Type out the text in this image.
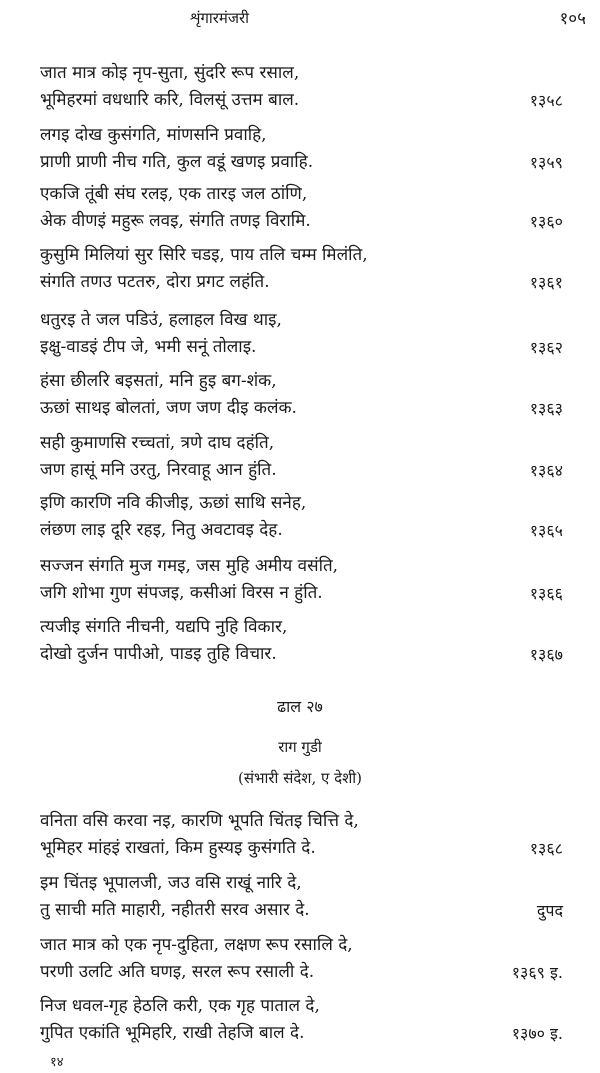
शृंगारमंजरी	१०५
जात मात्र कोइ नृप-सुता, सुंदरि रूप रसाल,
भूमिहरमां वधधारि करि, विलसूं उत्तम बाल.	१३५८
लगइ दोख कुसंगति, मांणसनि प्रवाहि,
प्राणी प्राणी नीच गति, कुल वडूं खणइ प्रवाहि.	१३५९
एकजि तूंबी संघ रलइ, एक तारइ जल ठांणि,
अेक वीणइं महुरू लवइ, संगति तणइ विरामि.	१३६०
कुसुमि मिलियां सुर सिरि चडइ, पाय तलि चम्म मिलंति,
संगति तणउ पटतरु, दोरा प्रगट लहंति.	१३६१
धतुरइ ते जल पडिउं, हलाहल विख थाइ,
इक्षु-वाडइं टीप जे, भमी सनूं तोलाइ.	१३६२
हंसा छीलरि बइसतां, मनि हुइ बग-शंक,
ऊछां साथइ बोलतां, जण जण दीइ कलंक.	१३६३
सही कुमाणसि रच्चतां, त्रणे दाघ दहंति,
जण हासूं मनि उरतु, निरवाहू आन हुंति.	१३६४
इणि कारणि नवि कीजीइ, ऊछां साथि सनेह,
लंछण लाइ दूरि रहइ, नितु अवटावइ देह.	१३६५
सज्जन संगति मुज गमइ, जस मुहि अमीय वसंति,
जगि शोभा गुण संपजइ, कसीआं विरस न हुंति.	१३६६
त्यजीइ संगति नीचनी, यद्यपि नुहि विकार,
दोखो दुर्जन पापीओ, पाडइ तुहि विचार.	१३६७
ढाल २७
राग गुडी
(संभारी संदेश, ए देशी)
वनिता वसि करवा नइ, कारणि भूपति चिंतइ चित्ति दे,
भूमिहर मांहइं राखतां, किम हुस्यइ कुसंगति दे.	१३६८
इम चिंतइ भूपालजी, जउ वसि राखूं नारि दे,
तु साची मति माहारी, नहीतरी सरव असार दे.	दुपद
जात मात्र को एक नृप-दुहिता, लक्षण रूप रसालि दे,
परणी उलटि अति घणइ, सरल रूप रसाली दे.	१३६९ इ.
निज धवल-गृह हेठलि करी, एक गृह पाताल दे,
गुपित एकांति भूमिहरि, राखी तेहजि बाल दे.	१३७० इ.
१४
